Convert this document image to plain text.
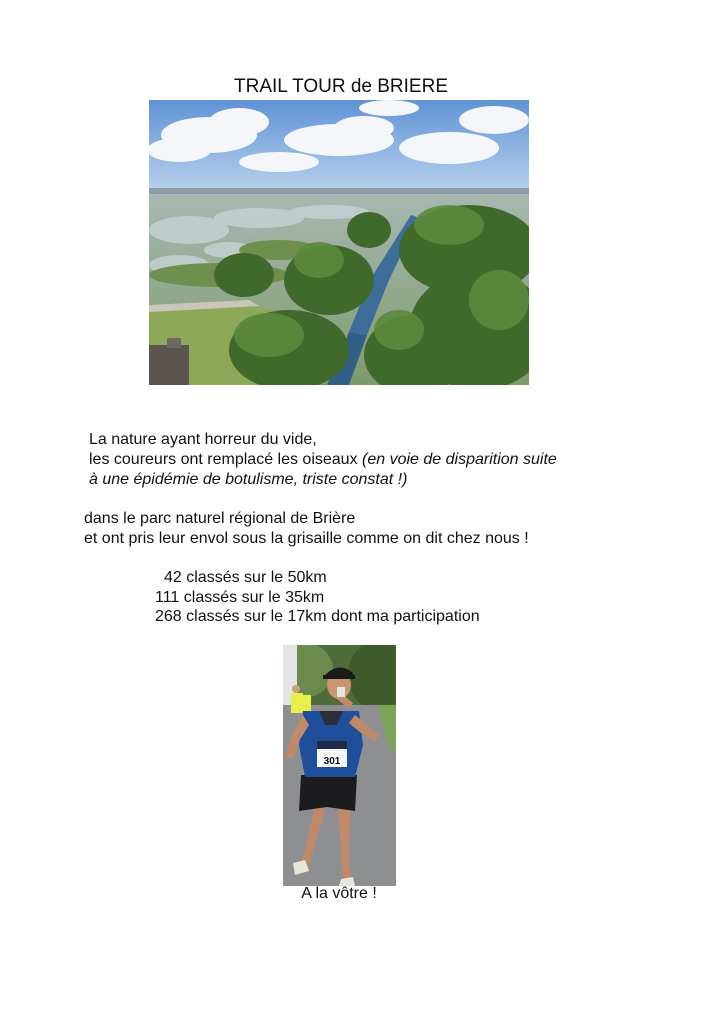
TRAIL TOUR de BRIERE
La nature ayant horreur du vide,
les coureurs ont remplacé les oiseaux (en voie de disparition suite
à une épidémie de botulisme, triste constat !)
dans le parc naturel régional de Brière
et ont pris leur envol sous la grisaille comme on dit chez nous !
42 classés sur le 50km
111 classés sur le 35km
268 classés sur le 17km dont ma participation
301
A la vôtre !
